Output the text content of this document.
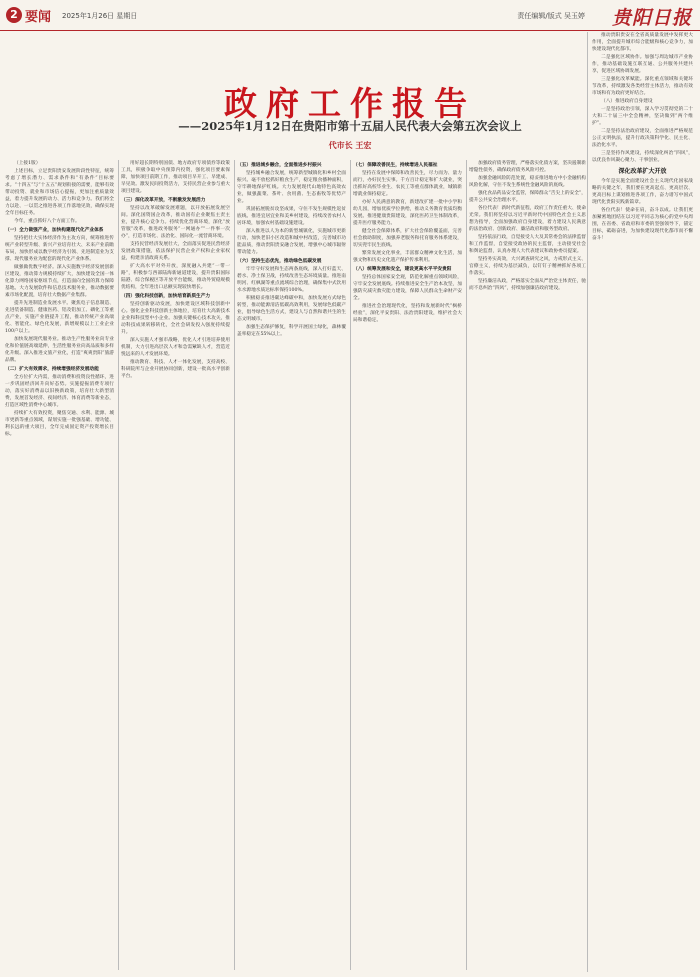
2 要闻 2025年1月26日 星期日	责任编辑/版式 吴玉婷 贵阳日报
政府工作报告
——2025年1月12日在贵阳市第十五届人民代表大会第五次会议上
代市长 王宏

（上接1版）

上述目标，立足贵阳贵安发展阶段性特征，统筹考虑了增长潜力、需求条件和“有条件”目标要求。“十四五”与“十五五”规划衔接的需要，能够有效带动投资、就业和市场信心提振，更加注重质量效益，着力提升发展的动力、活力和竞争力。我们将全力以赴、一以贯之推进各项工作落地见效，确保实现全年目标任务。

今年，重点抓好八个方面工作。

（一）全力做强产业，加快构建现代化产业体系

坚持把壮大实体经济作为主攻方向，统筹推进传统产业转型升级、新兴产业培育壮大、未来产业前瞻布局，加快形成以数字经济为引领、先进制造业为支撑、现代服务业为配套的现代化产业体系。

做强做优数字经济。深入实施数字经济发展创新区建设，推动算力规模持续扩大，加快建设全国一体化算力网络国家枢纽节点，打造面向全国的算力保障基地。大力发展软件和信息技术服务业，推动数据要素市场化配置，培育壮大数据产业集群。

提升先进制造业发展水平。聚焦电子信息制造、先进装备制造、健康医药、铝及铝加工、磷化工等重点产业，实施产业链提升工程，推动传统产业高端化、智能化、绿色化发展，新增规模以上工业企业100户以上。

加快发展现代服务业。推动生产性服务业向专业化和价值链高端延伸，生活性服务业向高品质和多样化升级。深入推进文旅产业化，打造“爽爽贵阳”旅游品牌。

（二）扩大有效需求，持续增强经济发展动能

全方位扩大内需，推动消费和投资良性循环，进一步巩固经济回升向好态势。实施提振消费专项行动，落实好消费品以旧换新政策，培育壮大新型消费，发展首发经济、夜间经济、体育消费等新业态，打造区域性消费中心城市。

持续扩大有效投资，聚焦交通、水利、能源、城市更新等重点领域，谋划实施一批强基础、增功能、利长远的重大项目，全年完成固定资产投资增长目标。

用好超长期特别国债、地方政府专项债券等政策工具，积极争取中央预算内投资，强化项目要素保障，加快项目前期工作，推动项目早开工、早建成、早见效。激发民间投资活力，支持民营企业参与重大项目建设。

（三）深化改革开放，不断激发发展活力

坚持以改革破解发展难题，以开放拓展发展空间。深化国资国企改革，推动国有企业聚焦主责主业，提升核心竞争力。持续优化营商环境，深化“放管服”改革，推进政务服务“一网通办”“一件事一次办”，打造市场化、法治化、国际化一流营商环境。

支持民营经济发展壮大，全面落实促进民营经济发展政策措施，依法保护民营企业产权和企业家权益，构建亲清政商关系。

扩大高水平对外开放，深度融入共建“一带一路”，积极参与西部陆海新通道建设，提升贵阳国际陆港、综合保税区等开放平台能级，推动外贸稳规模优结构，全年进出口总额实现较快增长。

（四）强化科技创新，加快培育新质生产力

坚持创新驱动发展，加快建设区域科技创新中心。强化企业科技创新主体地位，培育壮大高新技术企业和科技型中小企业。加强关键核心技术攻关，推动科技成果转移转化，全社会研发投入强度持续提升。

深入实施人才强市战略，优化人才引进培养使用机制，大力引进高层次人才和急需紧缺人才，营造近悦远来的人才发展环境。

推动教育、科技、人才一体化发展，支持高校、科研院所与企业开展协同创新，建设一批高水平创新平台。

（五）推进城乡融合，全面推进乡村振兴

坚持城乡融合发展，统筹新型城镇化和乡村全面振兴。毫不放松抓好粮食生产，稳定粮食播种面积，守牢耕地保护红线。大力发展现代山地特色高效农业，做强蔬菜、茶叶、食用菌、生态畜牧等优势产业。

巩固拓展脱贫攻坚成果，守住不发生规模性返贫底线。推进宜居宜业和美乡村建设，持续改善农村人居环境，加强农村基础设施建设。

深入推进以人为本的新型城镇化，实施城市更新行动，加快老旧小区改造和城中村改造，完善城市功能品质，推动贵阳贵安融合发展，增强中心城市辐射带动能力。

（六）坚持生态优先，推动绿色低碳发展

牢牢守好发展和生态两条底线，深入打好蓝天、碧水、净土保卫战，持续改善生态环境质量。推进南明河、红枫湖等重点流域综合治理，确保集中式饮用水水源地水质达标率保持100%。

积极稳妥推进碳达峰碳中和，加快发展方式绿色转型，推动能源清洁低碳高效利用，发展绿色低碳产业，倡导绿色生活方式，建设人与自然和谐共生的生态文明城市。

加强生态保护修复，科学开展国土绿化，森林覆盖率稳定在55%以上。

（七）保障改善民生，持续增进人民福祉

坚持在发展中保障和改善民生，尽力而为、量力而行，办好民生实事。千方百计稳定和扩大就业，突出抓好高校毕业生、农民工等重点群体就业，城镇新增就业保持稳定。

办好人民满意的教育，新建改扩建一批中小学和幼儿园，增加优质学位供给，推动义务教育优质均衡发展。推进健康贵阳建设，深化医药卫生体制改革，提升医疗服务能力。

健全社会保障体系，扩大社会保险覆盖面，完善社会救助制度，加强养老服务和托育服务体系建设，切实兜牢民生底线。

繁荣发展文化事业，丰富群众精神文化生活，加强文物和历史文化遗产保护传承利用。

（八）统筹发展和安全，建设更高水平平安贵阳

坚持总体国家安全观，防范化解重点领域风险，守牢安全发展底线。持续推进安全生产治本攻坚，加强防灾减灾救灾能力建设，保障人民群众生命财产安全。

推进社会治理现代化，坚持和发展新时代“枫桥经验”，深化平安贵阳、法治贵阳建设，维护社会大局和谐稳定。

加强政府债务管理，严格落实化债方案，坚决遏制新增隐性债务，确保政府债务风险可控。

加强金融风险防范处置，稳妥推进地方中小金融机构风险化解，守住不发生系统性金融风险的底线。

强化食品药品安全监管，保障群众“舌尖上的安全”，提升公共安全治理水平。

各位代表！新时代新征程，政府工作责任重大、使命光荣。我们将坚持以习近平新时代中国特色社会主义思想为指导，全面加强政府自身建设，着力建设人民满意的法治政府、创新政府、廉洁政府和服务型政府。

坚持依法行政，自觉接受人大及其常委会的法律监督和工作监督，自觉接受政协的民主监督，主动接受社会和舆论监督，认真办理人大代表建议和政协委员提案。

坚持务实高效，大兴调查研究之风，力戒形式主义、官僚主义，持续为基层减负，以钉钉子精神抓好各项工作落实。

坚持廉洁从政，严格落实全面从严治党主体责任，驰而不息纠治“四风”，持续加强廉洁政府建设。

推动贵阳贵安在全省高质量发展中发挥更大作用，全面提升城市综合能级和核心竞争力，加快建设现代化都市。

二是强化区域协作。加强与周边城市产业协作，推动基础设施互联互通、公共服务共建共享，促进区域协调发展。

三是强化改革赋能。深化重点领域和关键环节改革，持续激发各类经营主体活力，推动有效市场和有为政府更好结合。

（八）推进政府自身建设

一是坚持政治引领，深入学习贯彻党的二十大和二十届三中全会精神，坚决做到“两个维护”。

二是坚持法治政府建设，全面推进严格规范公正文明执法，提升行政决策科学化、民主化、法治化水平。

三是坚持作风建设，持续深化纠治“四风”，以优良作风凝心聚力、干事创业。

深化改革扩大开放

今年是实施全面建设社会主义现代化国家战略的关键之年，我们要在更高起点、更高层次、更高目标上谋划推进各项工作，奋力谱写中国式现代化贵阳实践新篇章。

各位代表！使命在肩，奋斗以成。让我们更加紧密地团结在以习近平同志为核心的党中央周围，在省委、省政府和市委的坚强领导下，锚定目标，砥砺奋进，为加快建设现代化都市而不懈奋斗！
